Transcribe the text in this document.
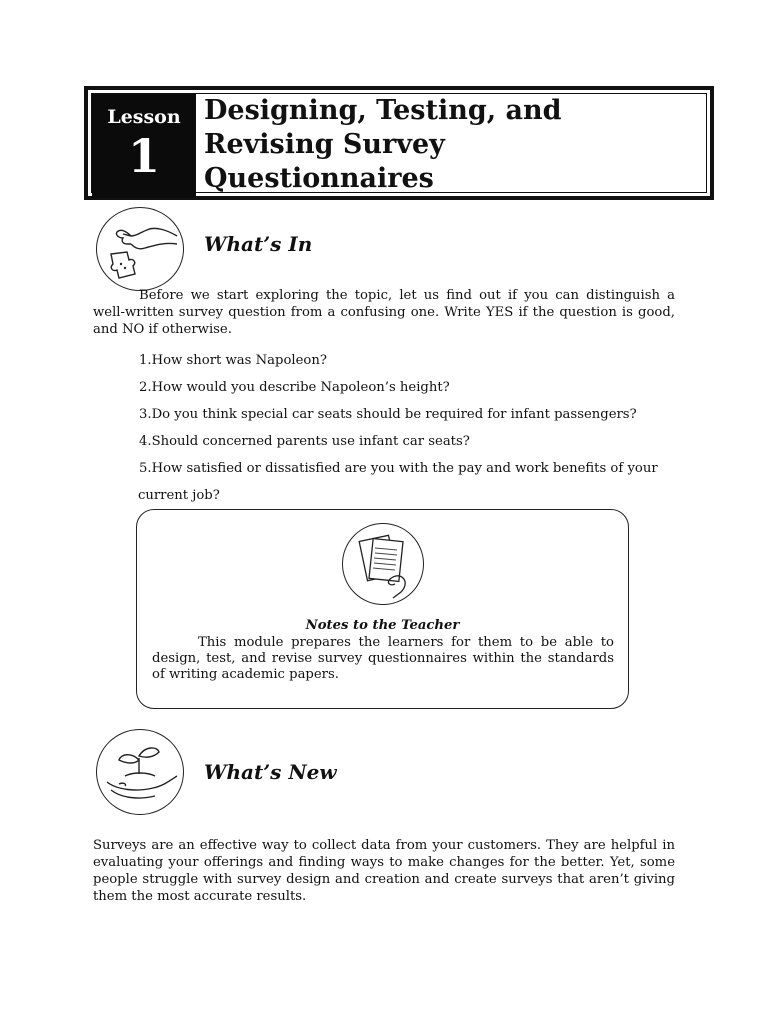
Lesson
1
Designing, Testing, and
Revising Survey
Questionnaires
What’s In
Before we start exploring the topic, let us find out if you can distinguish a
well-written survey question from a confusing one. Write YES if the question is good, and NO if otherwise.
1.How short was Napoleon?
2.How would you describe Napoleon’s height?
3.Do you think special car seats should be required for infant passengers?
4.Should concerned parents use infant car seats?
5.How satisfied or dissatisfied are you with the pay and work benefits of your
current job?
Notes to the Teacher
This module prepares the learners for them to be able to design, test, and revise survey questionnaires within the standards of writing academic papers.
What’s New
Surveys are an effective way to collect data from your customers. They are helpful in evaluating your offerings and finding ways to make changes for the better. Yet, some people struggle with survey design and creation and create surveys that aren’t giving them the most accurate results.
